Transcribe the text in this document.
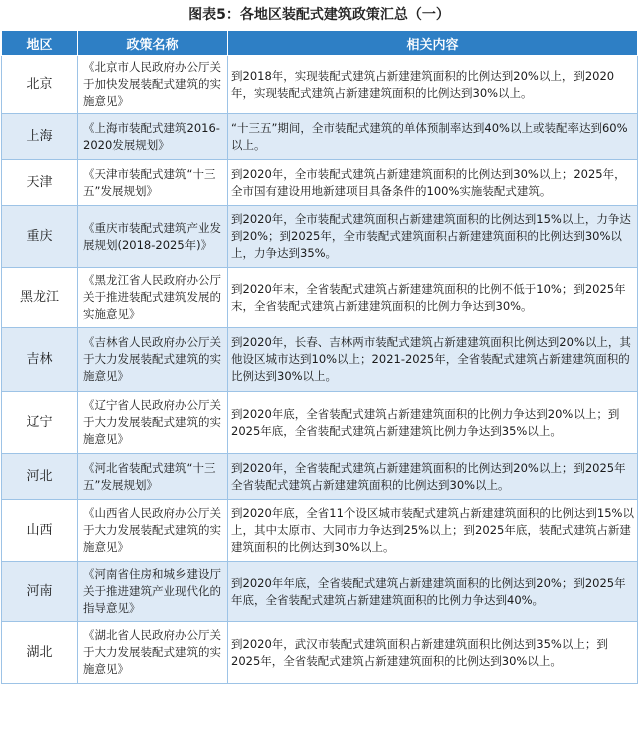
图表5：各地区装配式建筑政策汇总（一）
地区	政策名称	相关内容
北京	《北京市人民政府办公厅关于加快发展装配式建筑的实施意见》	到2018年，实现装配式建筑占新建建筑面积的比例达到20%以上，到2020年，实现装配式建筑占新建建筑面积的比例达到30%以上。
上海	《上海市装配式建筑2016-2020发展规划》	“十三五”期间，全市装配式建筑的单体预制率达到40%以上或装配率达到60%以上。
天津	《天津市装配式建筑“十三五”发展规划》	到2020年，全市装配式建筑占新建建筑面积的比例达到30%以上；2025年，全市国有建设用地新建项目具备条件的100%实施装配式建筑。
重庆	《重庆市装配式建筑产业发展规划(2018-2025年)》	到2020年，全市装配式建筑面积占新建建筑面积的比例达到15%以上，力争达到20%；到2025年，全市装配式建筑面积占新建建筑面积的比例达到30%以上，力争达到35%。
黑龙江	《黑龙江省人民政府办公厅关于推进装配式建筑发展的实施意见》	到2020年末，全省装配式建筑占新建建筑面积的比例不低于10%；到2025年末，全省装配式建筑占新建建筑面积的比例力争达到30%。
吉林	《吉林省人民政府办公厅关于大力发展装配式建筑的实施意见》	到2020年，长春、吉林两市装配式建筑占新建建筑面积比例达到20%以上，其他设区城市达到10%以上；2021-2025年，全省装配式建筑占新建建筑面积的比例达到30%以上。
辽宁	《辽宁省人民政府办公厅关于大力发展装配式建筑的实施意见》	到2020年底，全省装配式建筑占新建建筑面积的比例力争达到20%以上；到2025年底，全省装配式建筑占新建建筑比例力争达到35%以上。
河北	《河北省装配式建筑“十三五”发展规划》	到2020年，全省装配式建筑占新建建筑面积的比例达到20%以上；到2025年全省装配式建筑占新建建筑面积的比例达到30%以上。
山西	《山西省人民政府办公厅关于大力发展装配式建筑的实施意见》	到2020年底，全省11个设区城市装配式建筑占新建建筑面积的比例达到15%以上，其中太原市、大同市力争达到25%以上；到2025年底，装配式建筑占新建建筑面积的比例达到30%以上。
河南	《河南省住房和城乡建设厅关于推进建筑产业现代化的指导意见》	到2020年年底，全省装配式建筑占新建建筑面积的比例达到20%；到2025年年底，全省装配式建筑占新建建筑面积的比例力争达到40%。
湖北	《湖北省人民政府办公厅关于大力发展装配式建筑的实施意见》	到2020年，武汉市装配式建筑面积占新建建筑面积比例达到35%以上；到2025年，全省装配式建筑占新建建筑面积的比例达到30%以上。
